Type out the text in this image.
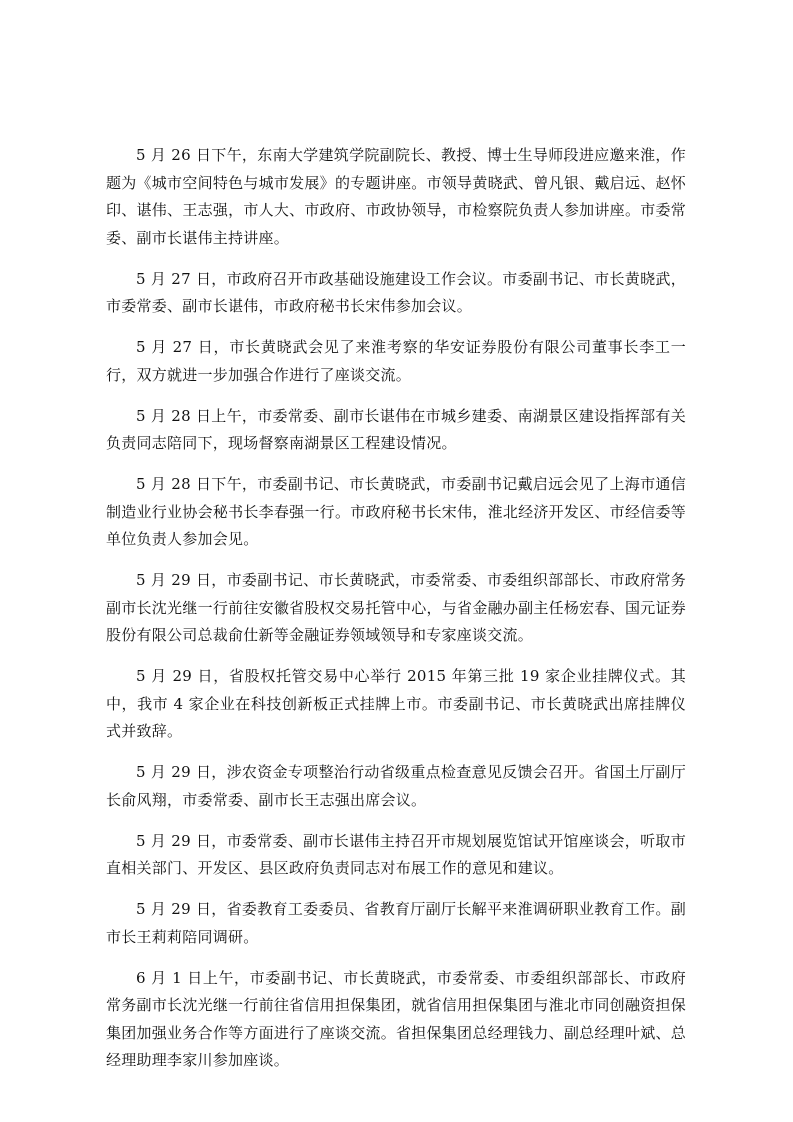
5 月 26 日下午，东南大学建筑学院副院长、教授、博士生导师段进应邀来淮，作题为《城市空间特色与城市发展》的专题讲座。市领导黄晓武、曾凡银、戴启远、赵怀印、谌伟、王志强，市人大、市政府、市政协领导，市检察院负责人参加讲座。市委常委、副市长谌伟主持讲座。

5 月 27 日，市政府召开市政基础设施建设工作会议。市委副书记、市长黄晓武，市委常委、副市长谌伟，市政府秘书长宋伟参加会议。

5 月 27 日，市长黄晓武会见了来淮考察的华安证券股份有限公司董事长李工一行，双方就进一步加强合作进行了座谈交流。

5 月 28 日上午，市委常委、副市长谌伟在市城乡建委、南湖景区建设指挥部有关负责同志陪同下，现场督察南湖景区工程建设情况。

5 月 28 日下午，市委副书记、市长黄晓武，市委副书记戴启远会见了上海市通信制造业行业协会秘书长李春强一行。市政府秘书长宋伟，淮北经济开发区、市经信委等单位负责人参加会见。

5 月 29 日，市委副书记、市长黄晓武，市委常委、市委组织部部长、市政府常务副市长沈光继一行前往安徽省股权交易托管中心，与省金融办副主任杨宏春、国元证券股份有限公司总裁俞仕新等金融证券领域领导和专家座谈交流。

5 月 29 日，省股权托管交易中心举行 2015 年第三批 19 家企业挂牌仪式。其中，我市 4 家企业在科技创新板正式挂牌上市。市委副书记、市长黄晓武出席挂牌仪式并致辞。

5 月 29 日，涉农资金专项整治行动省级重点检查意见反馈会召开。省国土厅副厅长俞风翔，市委常委、副市长王志强出席会议。

5 月 29 日，市委常委、副市长谌伟主持召开市规划展览馆试开馆座谈会，听取市直相关部门、开发区、县区政府负责同志对布展工作的意见和建议。

5 月 29 日，省委教育工委委员、省教育厅副厅长解平来淮调研职业教育工作。副市长王莉莉陪同调研。

6 月 1 日上午，市委副书记、市长黄晓武，市委常委、市委组织部部长、市政府常务副市长沈光继一行前往省信用担保集团，就省信用担保集团与淮北市同创融资担保集团加强业务合作等方面进行了座谈交流。省担保集团总经理钱力、副总经理叶斌、总经理助理李家川参加座谈。
